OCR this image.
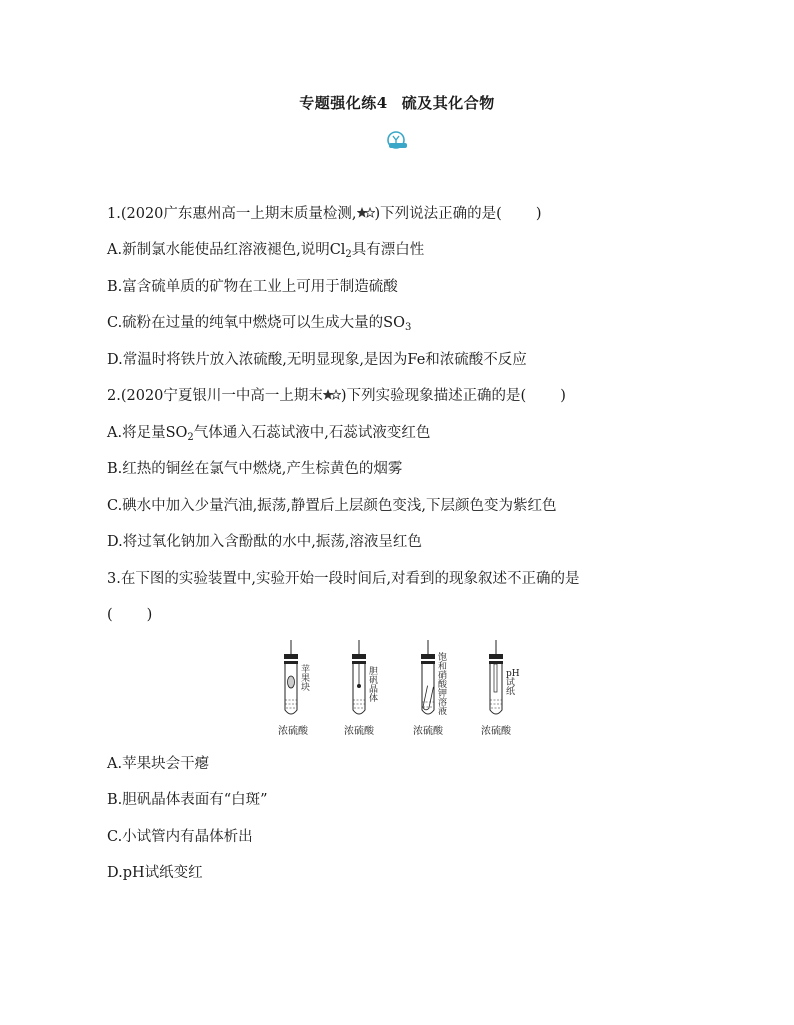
专题强化练4 硫及其化合物
1.(2020广东惠州高一上期末质量检测, )下列说法正确的是( )
A.新制氯水能使品红溶液褪色,说明$Cl_2$具有漂白性
B.富含硫单质的矿物在工业上可用于制造硫酸
C.硫粉在过量的纯氧中燃烧可以生成大量的$SO_3$
D.常温时将铁片放入浓硫酸,无明显现象,是因为Fe和浓硫酸不反应
2.(2020宁夏银川一中高一上期末 )下列实验现象描述正确的是( )
A.将足量$SO_2$气体通入石蕊试液中,石蕊试液变红色
B.红热的铜丝在氯气中燃烧,产生棕黄色的烟雾
C.碘水中加入少量汽油,振荡,静置后上层颜色变浅,下层颜色变为紫红色
D.将过氧化钠加入含酚酞的水中,振荡,溶液呈红色
3.在下图的实验装置中,实验开始一段时间后,对看到的现象叙述不正确的是
( )
苹果块
胆矾晶体
饱和硝酸钾溶液
pH试纸
浓硫酸	浓硫酸	浓硫酸	浓硫酸
A.苹果块会干瘪
B.胆矾晶体表面有“白斑”
C.小试管内有晶体析出
D.pH试纸变红
